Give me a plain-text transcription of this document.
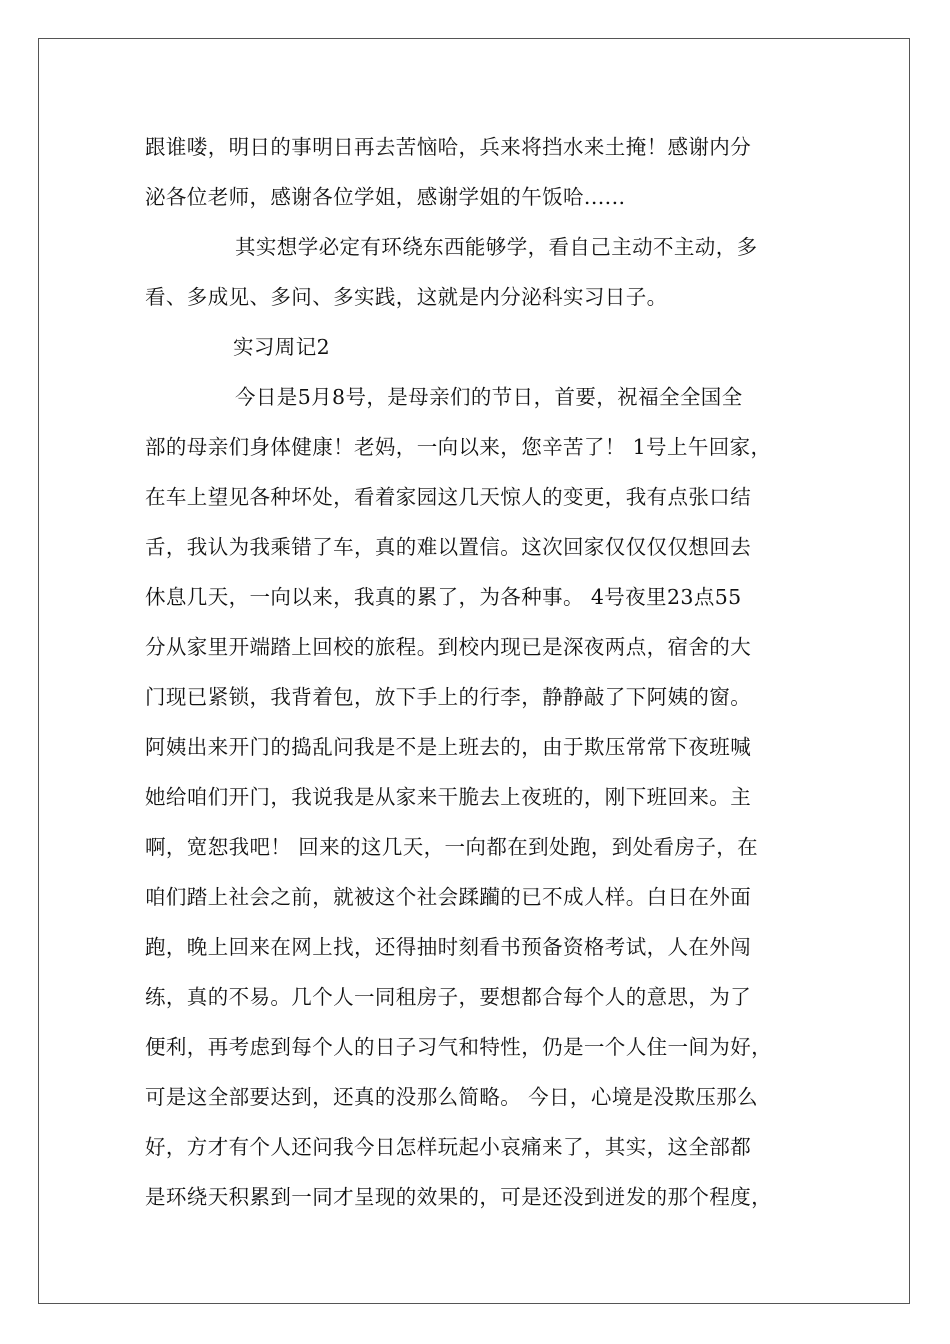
跟谁喽，明日的事明日再去苦恼哈，兵来将挡水来土掩！感谢内分
泌各位老师，感谢各位学姐，感谢学姐的午饭哈......
其实想学必定有环绕东西能够学，看自己主动不主动，多
看、多成见、多问、多实践，这就是内分泌科实习日子。
实习周记2
今日是5月8号，是母亲们的节日，首要，祝福全全国全
部的母亲们身体健康！老妈，一向以来，您辛苦了！ 1号上午回家，
在车上望见各种坏处，看着家园这几天惊人的变更，我有点张口结
舌，我认为我乘错了车，真的难以置信。这次回家仅仅仅仅想回去
休息几天，一向以来，我真的累了，为各种事。 4号夜里23点55
分从家里开端踏上回校的旅程。到校内现已是深夜两点，宿舍的大
门现已紧锁，我背着包，放下手上的行李，静静敲了下阿姨的窗。
阿姨出来开门的捣乱问我是不是上班去的，由于欺压常常下夜班喊
她给咱们开门，我说我是从家来干脆去上夜班的，刚下班回来。主
啊，宽恕我吧！ 回来的这几天，一向都在到处跑，到处看房子，在
咱们踏上社会之前，就被这个社会蹂躏的已不成人样。白日在外面
跑，晚上回来在网上找，还得抽时刻看书预备资格考试，人在外闯
练，真的不易。几个人一同租房子，要想都合每个人的意思，为了
便利，再考虑到每个人的日子习气和特性，仍是一个人住一间为好，
可是这全部要达到，还真的没那么简略。 今日，心境是没欺压那么
好，方才有个人还问我今日怎样玩起小哀痛来了，其实，这全部都
是环绕天积累到一同才呈现的效果的，可是还没到迸发的那个程度，
